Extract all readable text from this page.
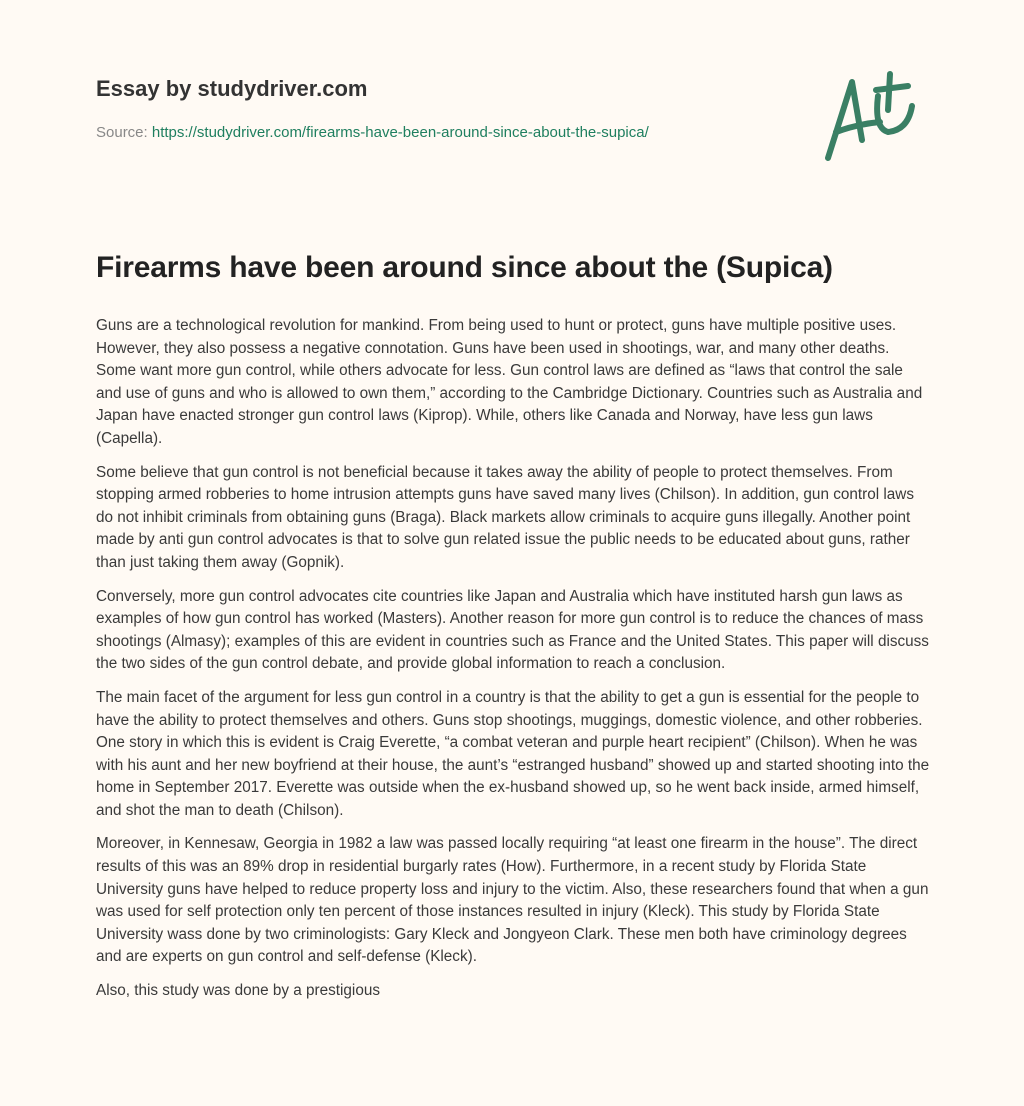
Essay by studydriver.com
Source: https://studydriver.com/firearms-have-been-around-since-about-the-supica/
Firearms have been around since about the (Supica)

Guns are a technological revolution for mankind. From being used to hunt or protect, guns have multiple positive uses. However, they also possess a negative connotation. Guns have been used in shootings, war, and many other deaths. Some want more gun control, while others advocate for less. Gun control laws are defined as “laws that control the sale and use of guns and who is allowed to own them,” according to the Cambridge Dictionary. Countries such as Australia and Japan have enacted stronger gun control laws (Kiprop). While, others like Canada and Norway, have less gun laws (Capella).

Some believe that gun control is not beneficial because it takes away the ability of people to protect themselves. From stopping armed robberies to home intrusion attempts guns have saved many lives (Chilson). In addition, gun control laws do not inhibit criminals from obtaining guns (Braga). Black markets allow criminals to acquire guns illegally. Another point made by anti gun control advocates is that to solve gun related issue the public needs to be educated about guns, rather than just taking them away (Gopnik).

Conversely, more gun control advocates cite countries like Japan and Australia which have instituted harsh gun laws as examples of how gun control has worked (Masters). Another reason for more gun control is to reduce the chances of mass shootings (Almasy); examples of this are evident in countries such as France and the United States. This paper will discuss the two sides of the gun control debate, and provide global information to reach a conclusion.

The main facet of the argument for less gun control in a country is that the ability to get a gun is essential for the people to have the ability to protect themselves and others. Guns stop shootings, muggings, domestic violence, and other robberies. One story in which this is evident is Craig Everette, “a combat veteran and purple heart recipient” (Chilson). When he was with his aunt and her new boyfriend at their house, the aunt’s “estranged husband” showed up and started shooting into the home in September 2017. Everette was outside when the ex-husband showed up, so he went back inside, armed himself, and shot the man to death (Chilson).

Moreover, in Kennesaw, Georgia in 1982 a law was passed locally requiring “at least one firearm in the house”. The direct results of this was an 89% drop in residential burgarly rates (How). Furthermore, in a recent study by Florida State University guns have helped to reduce property loss and injury to the victim. Also, these researchers found that when a gun was used for self protection only ten percent of those instances resulted in injury (Kleck). This study by Florida State University wass done by two criminologists: Gary Kleck and Jongyeon Clark. These men both have criminology degrees and are experts on gun control and self-defense (Kleck).

Also, this study was done by a prestigious
